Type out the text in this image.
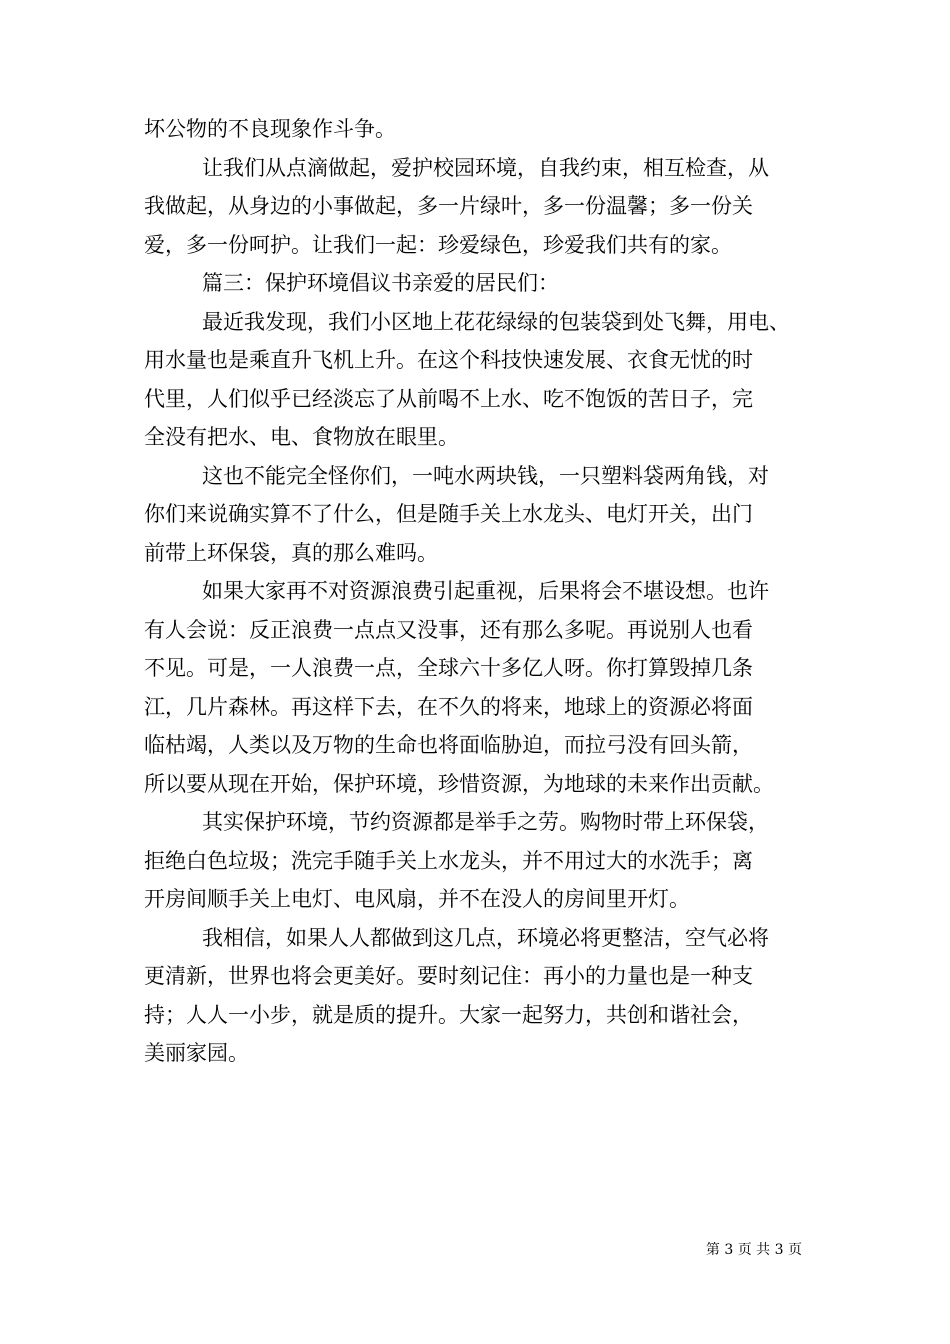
坏公物的不良现象作斗争。
让我们从点滴做起，爱护校园环境，自我约束，相互检查，从
我做起，从身边的小事做起，多一片绿叶，多一份温馨；多一份关
爱，多一份呵护。让我们一起：珍爱绿色，珍爱我们共有的家。
篇三：保护环境倡议书亲爱的居民们：
最近我发现，我们小区地上花花绿绿的包装袋到处飞舞，用电、
用水量也是乘直升飞机上升。在这个科技快速发展、衣食无忧的时
代里，人们似乎已经淡忘了从前喝不上水、吃不饱饭的苦日子，完
全没有把水、电、食物放在眼里。
这也不能完全怪你们，一吨水两块钱，一只塑料袋两角钱，对
你们来说确实算不了什么，但是随手关上水龙头、电灯开关，出门
前带上环保袋，真的那么难吗。
如果大家再不对资源浪费引起重视，后果将会不堪设想。也许
有人会说：反正浪费一点点又没事，还有那么多呢。再说别人也看
不见。可是，一人浪费一点，全球六十多亿人呀。你打算毁掉几条
江，几片森林。再这样下去，在不久的将来，地球上的资源必将面
临枯竭，人类以及万物的生命也将面临胁迫，而拉弓没有回头箭，
所以要从现在开始，保护环境，珍惜资源，为地球的未来作出贡献。
其实保护环境，节约资源都是举手之劳。购物时带上环保袋，
拒绝白色垃圾；洗完手随手关上水龙头，并不用过大的水洗手；离
开房间顺手关上电灯、电风扇，并不在没人的房间里开灯。
我相信，如果人人都做到这几点，环境必将更整洁，空气必将
更清新，世界也将会更美好。要时刻记住：再小的力量也是一种支
持；人人一小步，就是质的提升。大家一起努力，共创和谐社会，
美丽家园。
第 3 页 共 3 页
